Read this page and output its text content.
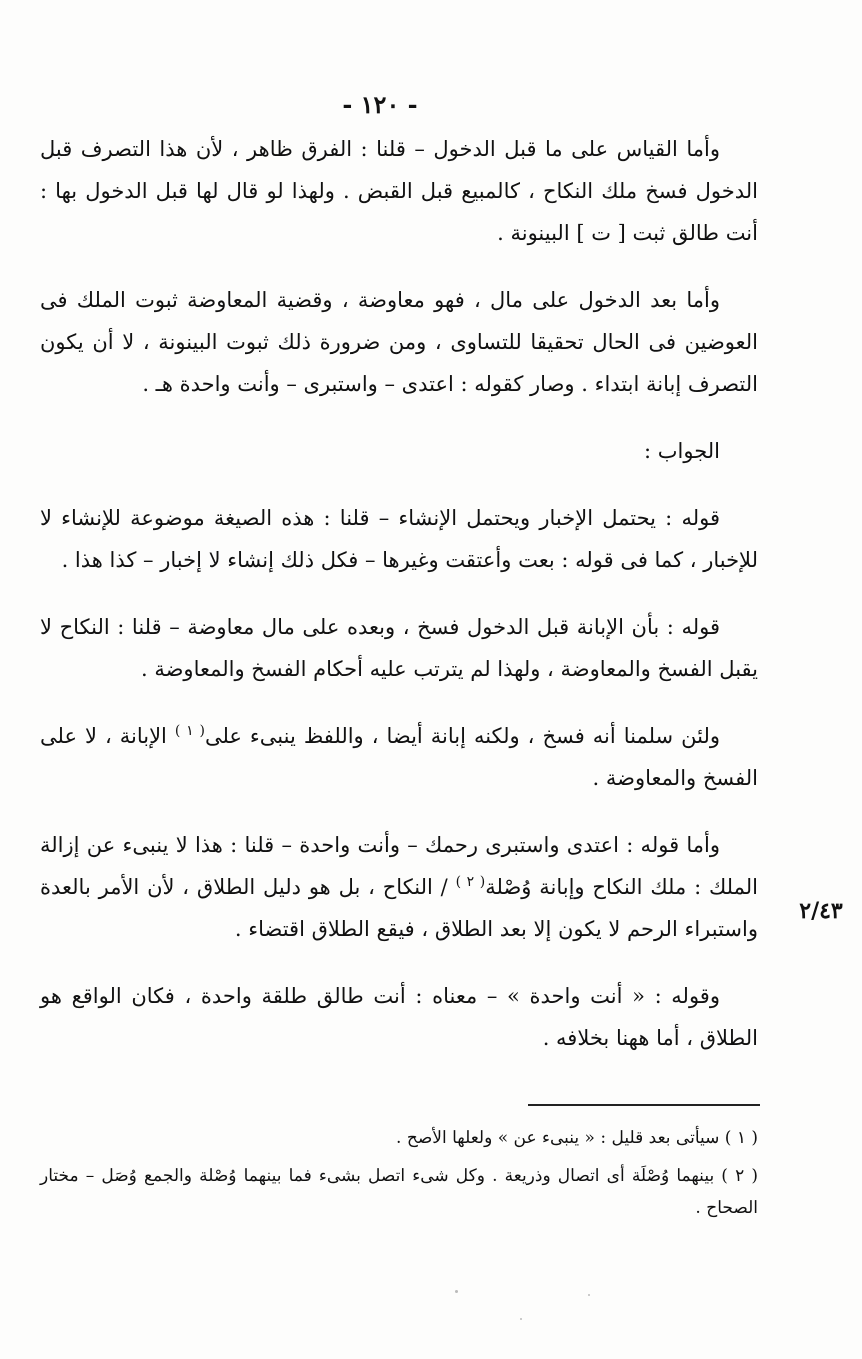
- ١٢٠ -

وأما القياس على ما قبل الدخول – قلنا : الفرق ظاهر ، لأن هذا التصرف قبل الدخول فسخ ملك النكاح ، كالمبيع قبل القبض . ولهذا لو قال لها قبل الدخول بها : أنت طالق ثبت [ ت ] البينونة .

وأما بعد الدخول على مال ، فهو معاوضة ، وقضية المعاوضة ثبوت الملك فى العوضين فى الحال تحقيقا للتساوى ، ومن ضرورة ذلك ثبوت البينونة ، لا أن يكون التصرف إبانة ابتداء . وصار كقوله : اعتدى – واستبرى – وأنت واحدة هـ .

الجواب :

قوله : يحتمل الإخبار ويحتمل الإنشاء – قلنا : هذه الصيغة موضوعة للإنشاء لا للإخبار ، كما فى قوله : بعت وأعتقت وغيرها – فكل ذلك إنشاء لا إخبار – كذا هذا .

قوله : بأن الإبانة قبل الدخول فسخ ، وبعده على مال معاوضة – قلنا : النكاح لا يقبل الفسخ والمعاوضة ، ولهذا لم يترتب عليه أحكام الفسخ والمعاوضة .

ولئن سلمنا أنه فسخ ، ولكنه إبانة أيضا ، واللفظ ينبىء على$^{( ١ )}$ الإبانة ، لا على الفسخ والمعاوضة .

وأما قوله : اعتدى واستبرى رحمك – وأنت واحدة – قلنا : هذا لا ينبىء عن إزالة الملك : ملك النكاح وإبانة وُصْلة$^{( ٢ )}$ / النكاح ، بل هو دليل الطلاق ، لأن الأمر بالعدة واستبراء الرحم لا يكون إلا بعد الطلاق ، فيقع الطلاق اقتضاء .

وقوله : « أنت واحدة » – معناه : أنت طالق طلقة واحدة ، فكان الواقع هو الطلاق ، أما ههنا بخلافه .

٢/٤٣

( ١ ) سيأتى بعد قليل : « ينبىء عن » ولعلها الأصح .

( ٢ ) بينهما وُصْلَة أى اتصال وذريعة . وكل شىء اتصل بشىء فما بينهما وُصْلة والجمع وُصَل – مختار الصحاح .
